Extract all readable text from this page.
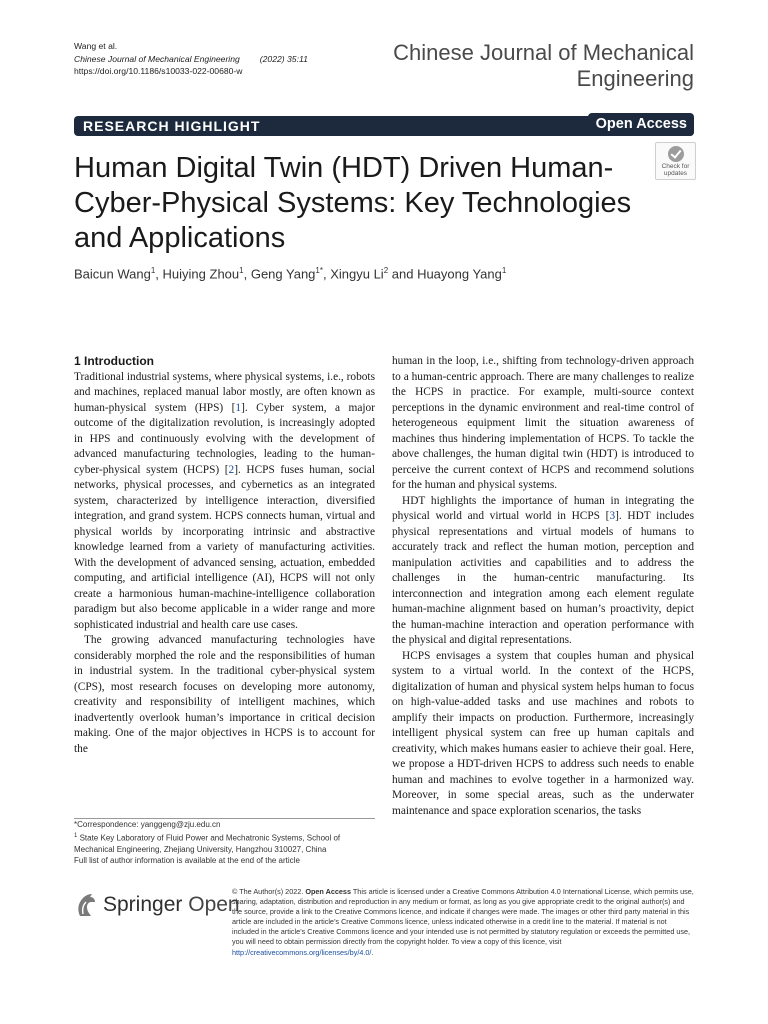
Wang et al.
Chinese Journal of Mechanical Engineering (2022) 35:11
https://doi.org/10.1186/s10033-022-00680-w
Chinese Journal of Mechanical Engineering
RESEARCH HIGHLIGHT	Open Access
Check for
updates
Human Digital Twin (HDT) Driven Human-Cyber-Physical Systems: Key Technologies and Applications
Baicun Wang$^1$, Huiying Zhou$^1$, Geng Yang$^{1*}$, Xingyu Li$^2$ and Huayong Yang$^1$
1 Introduction

Traditional industrial systems, where physical systems, i.e., robots and machines, replaced manual labor mostly, are often known as human-physical system (HPS) [1]. Cyber system, a major outcome of the digitalization revolution, is increasingly adopted in HPS and continuously evolving with the development of advanced manufacturing technologies, leading to the human-cyber-physical system (HCPS) [2]. HCPS fuses human, social networks, physical processes, and cybernetics as an integrated system, characterized by intelligence interaction, diversified integration, and grand system. HCPS connects human, virtual and physical worlds by incorporating intrinsic and abstractive knowledge learned from a variety of manufacturing activities. With the development of advanced sensing, actuation, embedded computing, and artificial intelligence (AI), HCPS will not only create a harmonious human-machine-intelligence collaboration paradigm but also become applicable in a wider range and more sophisticated industrial and health care use cases.

The growing advanced manufacturing technologies have considerably morphed the role and the responsibilities of human in industrial system. In the traditional cyber-physical system (CPS), most research focuses on developing more autonomy, creativity and responsibility of intelligent machines, which inadvertently overlook human’s importance in critical decision making. One of the major objectives in HCPS is to account for the

human in the loop, i.e., shifting from technology-driven approach to a human-centric approach. There are many challenges to realize the HCPS in practice. For example, multi-source context perceptions in the dynamic environment and real-time control of heterogeneous equipment limit the situation awareness of machines thus hindering implementation of HCPS. To tackle the above challenges, the human digital twin (HDT) is introduced to perceive the current context of HCPS and recommend solutions for the human and physical systems.

HDT highlights the importance of human in integrating the physical world and virtual world in HCPS [3]. HDT includes physical representations and virtual models of humans to accurately track and reflect the human motion, perception and manipulation activities and capabilities and to address the challenges in the human-centric manufacturing. Its interconnection and integration among each element regulate human-machine alignment based on human’s proactivity, depict the human-machine interaction and operation performance with the physical and digital representations.

HCPS envisages a system that couples human and physical system to a virtual world. In the context of the HCPS, digitalization of human and physical system helps human to focus on high-value-added tasks and use machines and robots to amplify their impacts on production. Furthermore, increasingly intelligent physical system can free up human capitals and creativity, which makes humans easier to achieve their goal. Here, we propose a HDT-driven HCPS to address such needs to enable human and machines to evolve together in a harmonized way. Moreover, in some special areas, such as the underwater maintenance and space exploration scenarios, the tasks

*Correspondence: yanggeng@zju.edu.cn

$^1$ State Key Laboratory of Fluid Power and Mechatronic Systems, School of Mechanical Engineering, Zhejiang University, Hangzhou 310027, China

Full list of author information is available at the end of the article

Springer Open

© The Author(s) 2022. Open Access This article is licensed under a Creative Commons Attribution 4.0 International License, which permits use, sharing, adaptation, distribution and reproduction in any medium or format, as long as you give appropriate credit to the original author(s) and the source, provide a link to the Creative Commons licence, and indicate if changes were made. The images or other third party material in this article are included in the article’s Creative Commons licence, unless indicated otherwise in a credit line to the material. If material is not included in the article’s Creative Commons licence and your intended use is not permitted by statutory regulation or exceeds the permitted use, you will need to obtain permission directly from the copyright holder. To view a copy of this licence, visit http://creativecommons.org/licenses/by/4.0/.
